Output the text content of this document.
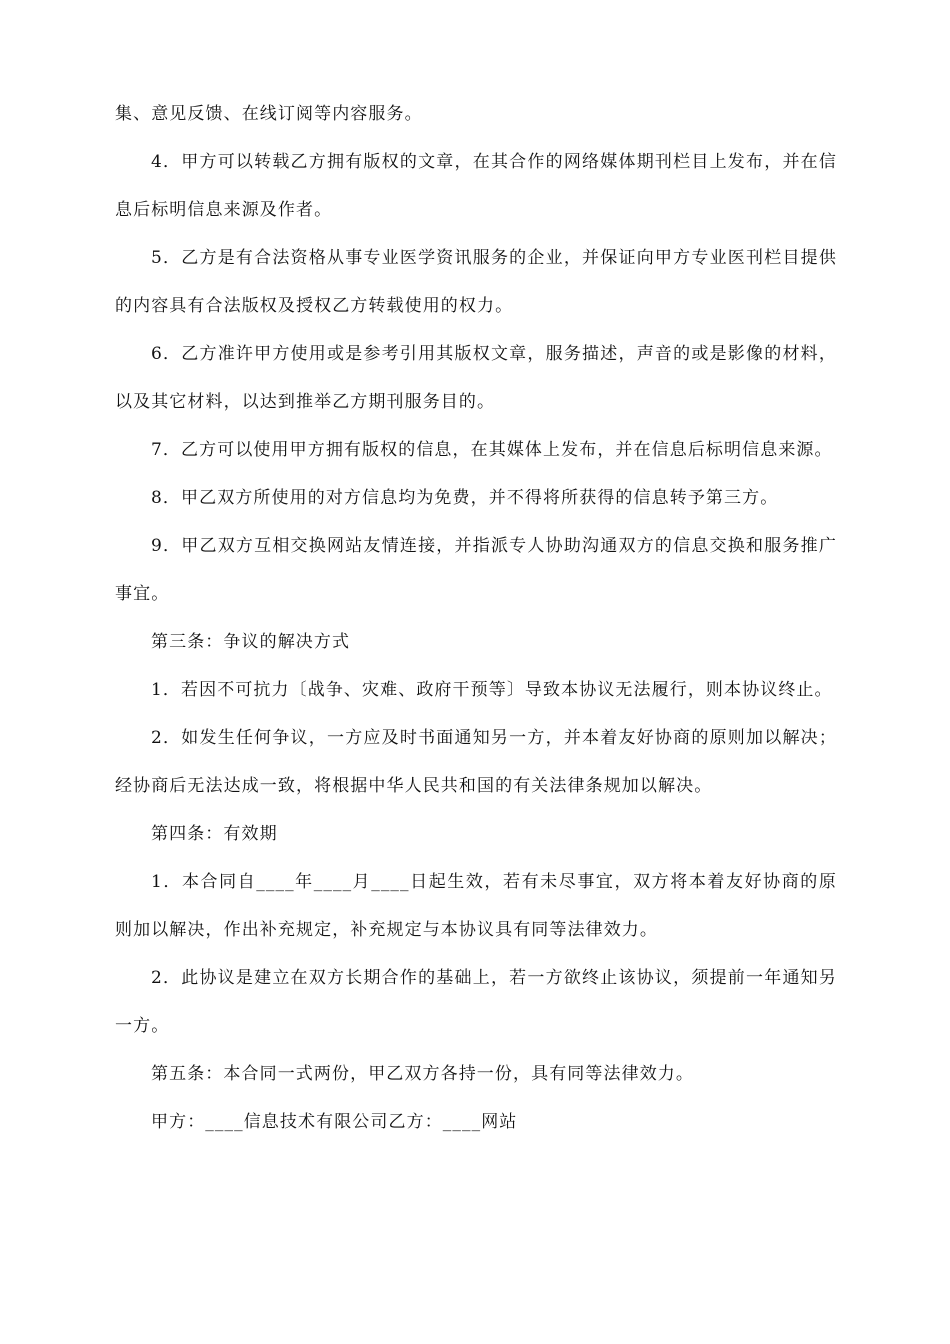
集、意见反馈、在线订阅等内容服务。

4．甲方可以转载乙方拥有版权的文章，在其合作的网络媒体期刊栏目上发布，并在信息后标明信息来源及作者。

5．乙方是有合法资格从事专业医学资讯服务的企业，并保证向甲方专业医刊栏目提供的内容具有合法版权及授权乙方转载使用的权力。

6．乙方准许甲方使用或是参考引用其版权文章，服务描述，声音的或是影像的材料，以及其它材料，以达到推举乙方期刊服务目的。

7．乙方可以使用甲方拥有版权的信息，在其媒体上发布，并在信息后标明信息来源。

8．甲乙双方所使用的对方信息均为免费，并不得将所获得的信息转予第三方。

9．甲乙双方互相交换网站友情连接，并指派专人协助沟通双方的信息交换和服务推广事宜。

第三条：争议的解决方式

1．若因不可抗力〔战争、灾难、政府干预等〕导致本协议无法履行，则本协议终止。

2．如发生任何争议，一方应及时书面通知另一方，并本着友好协商的原则加以解决；经协商后无法达成一致，将根据中华人民共和国的有关法律条规加以解决。

第四条：有效期

1．本合同自____年____月____日起生效，若有未尽事宜，双方将本着友好协商的原则加以解决，作出补充规定，补充规定与本协议具有同等法律效力。

2．此协议是建立在双方长期合作的基础上，若一方欲终止该协议，须提前一年通知另一方。

第五条：本合同一式两份，甲乙双方各持一份，具有同等法律效力。

甲方：____信息技术有限公司乙方：____网站
